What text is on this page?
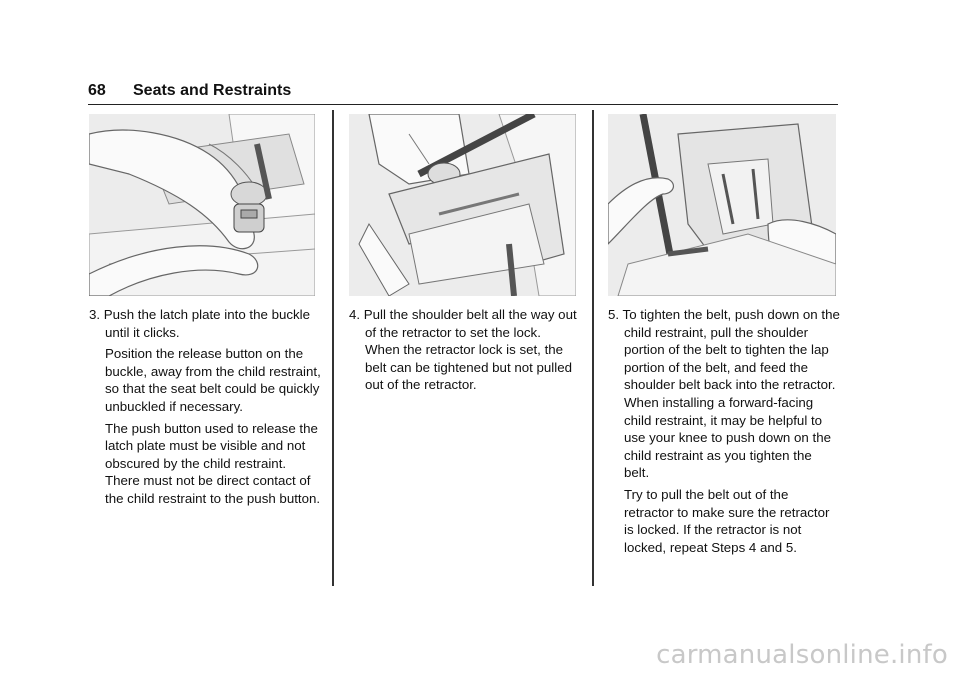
68 Seats and Restraints

3. Push the latch plate into the buckle until it clicks.

Position the release button on the buckle, away from the child restraint, so that the seat belt could be quickly unbuckled if necessary.

The push button used to release the latch plate must be visible and not obscured by the child restraint. There must not be direct contact of the child restraint to the push button.

4. Pull the shoulder belt all the way out of the retractor to set the lock. When the retractor lock is set, the belt can be tightened but not pulled out of the retractor.

5. To tighten the belt, push down on the child restraint, pull the shoulder portion of the belt to tighten the lap portion of the belt, and feed the shoulder belt back into the retractor. When installing a forward-facing child restraint, it may be helpful to use your knee to push down on the child restraint as you tighten the belt.

Try to pull the belt out of the retractor to make sure the retractor is locked. If the retractor is not locked, repeat Steps 4 and 5.

carmanualsonline.info
